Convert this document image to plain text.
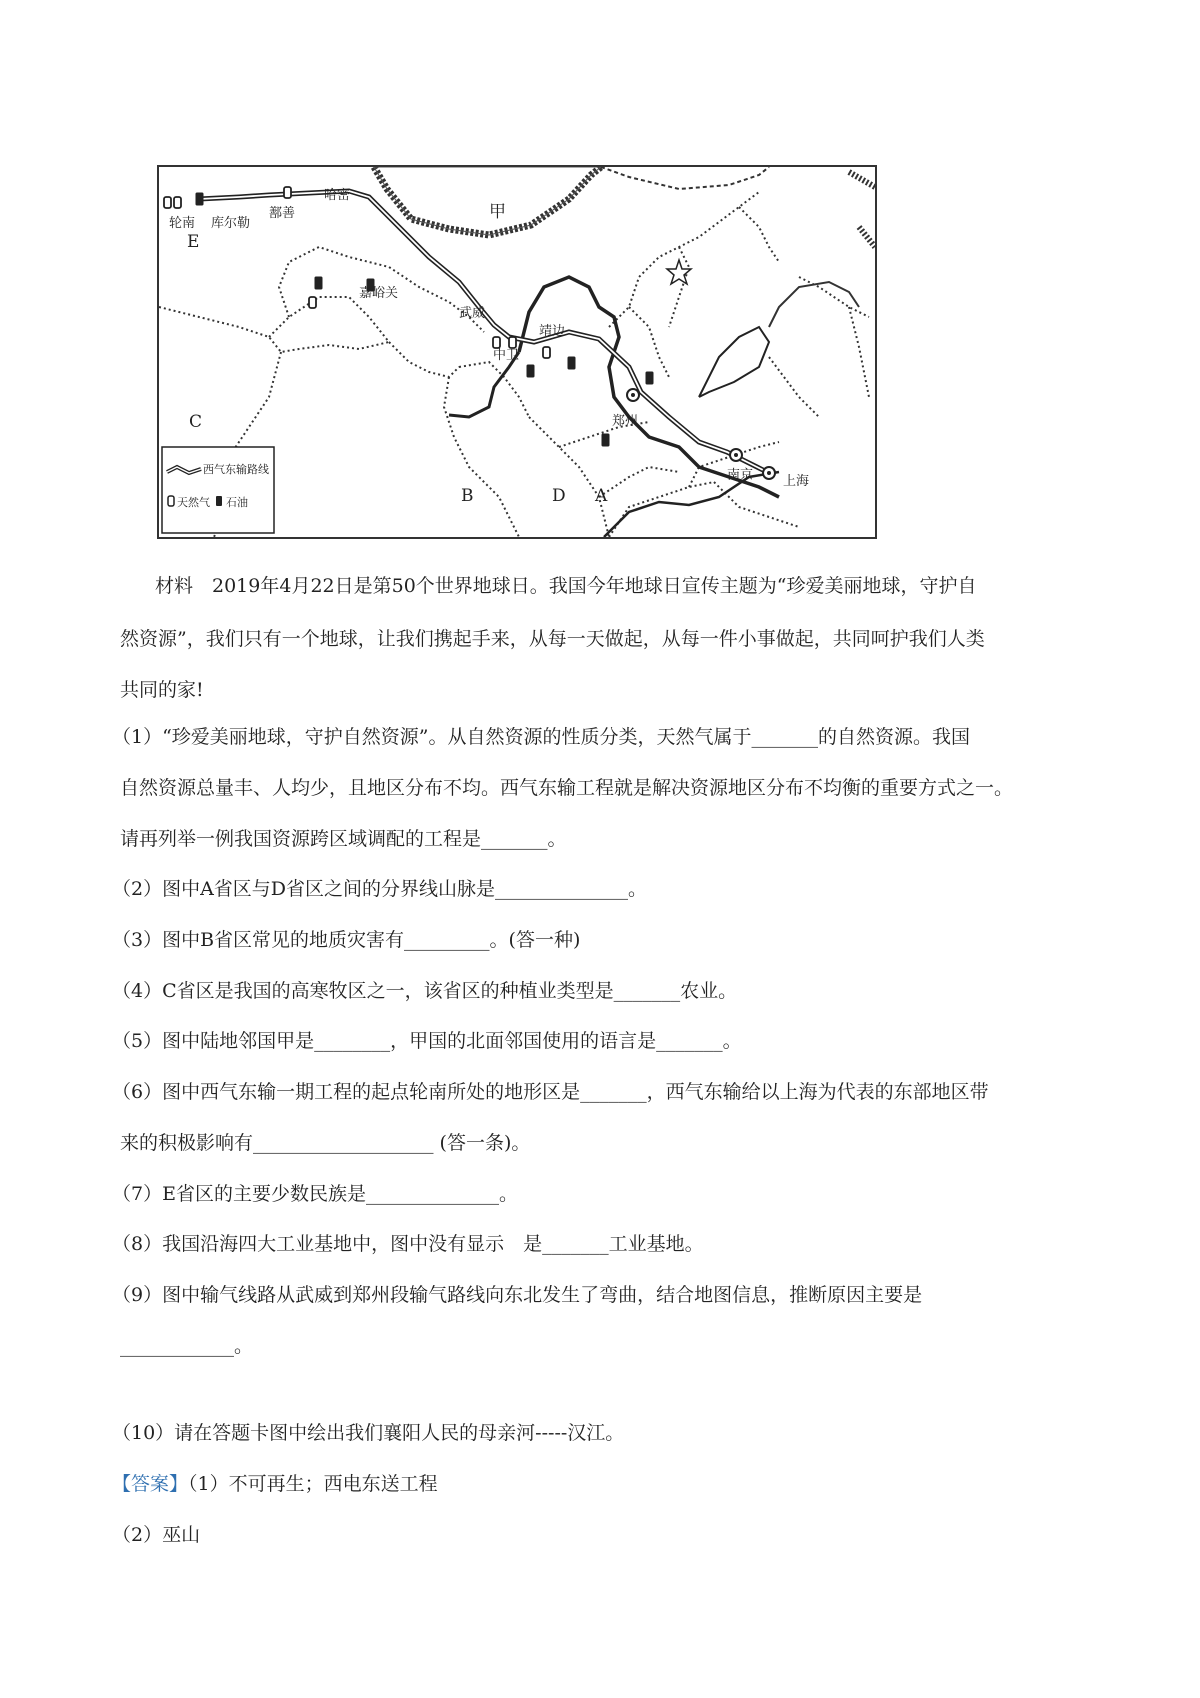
轮南 库尔勒
鄯善
哈密
嘉峪关
武威
靖边
中卫
郑州
南京 上海
甲
E
C
B	D A
西气东输路线
天然气 石油
材料　2019年4月22日是第50个世界地球日。我国今年地球日宣传主题为“珍爱美丽地球，守护自
然资源”，我们只有一个地球，让我们携起手来，从每一天做起，从每一件小事做起，共同呵护我们人类
共同的家!
（1）“珍爱美丽地球，守护自然资源”。从自然资源的性质分类，天然气属于_______的自然资源。我国
自然资源总量丰、人均少，且地区分布不均。西气东输工程就是解决资源地区分布不均衡的重要方式之一。
请再列举一例我国资源跨区域调配的工程是_______。
（2）图中A省区与D省区之间的分界线山脉是______________。
（3）图中B省区常见的地质灾害有_________。(答一种)
（4）C省区是我国的高寒牧区之一，该省区的种植业类型是_______农业。
（5）图中陆地邻国甲是________，甲国的北面邻国使用的语言是_______。
（6）图中西气东输一期工程的起点轮南所处的地形区是_______，西气东输给以上海为代表的东部地区带
来的积极影响有___________________ (答一条)。
（7）E省区的主要少数民族是______________。
（8）我国沿海四大工业基地中，图中没有显示　是_______工业基地。
（9）图中输气线路从武威到郑州段输气路线向东北发生了弯曲，结合地图信息，推断原因主要是
____________。
（10）请在答题卡图中绘出我们襄阳人民的母亲河-----汉江。
【答案】（1）不可再生；西电东送工程
（2）巫山
